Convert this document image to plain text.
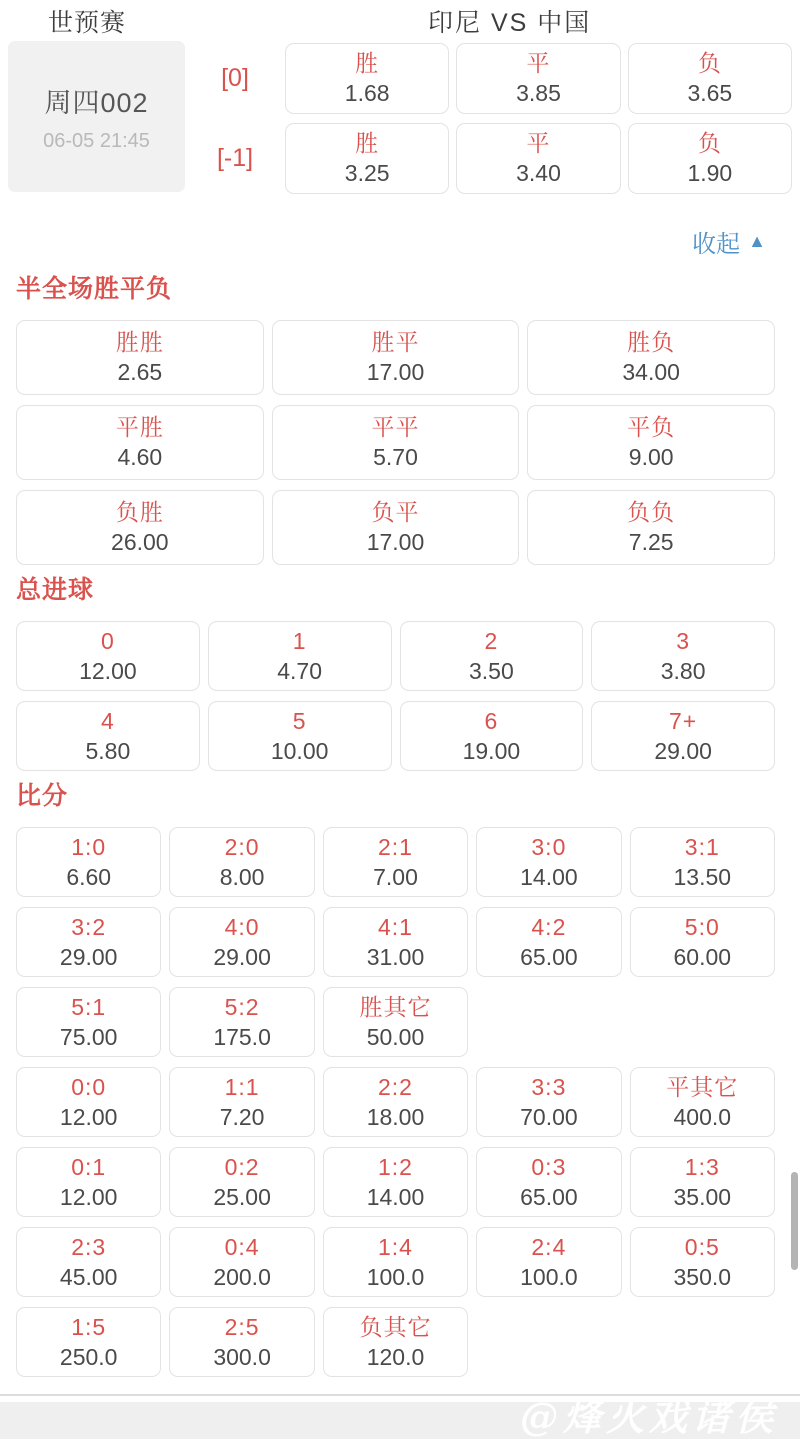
世预赛	印尼 VS 中国
周四002
06-05 21:45
[0]
胜
1.68
平
3.85
负
3.65
[-1]
胜
3.25
平
3.40
负
1.90
收起 ▲
半全场胜平负
胜胜
2.65
胜平
17.00
胜负
34.00
平胜
4.60
平平
5.70
平负
9.00
负胜
26.00
负平
17.00
负负
7.25
总进球
0
12.00
1
4.70
2
3.50
3
3.80
4
5.80
5
10.00
6
19.00
7+
29.00
比分
1:0
6.60
2:0
8.00
2:1
7.00
3:0
14.00
3:1
13.50
3:2
29.00
4:0
29.00
4:1
31.00
4:2
65.00
5:0
60.00
5:1
75.00
5:2
175.0
胜其它
50.00
0:0
12.00
1:1
7.20
2:2
18.00
3:3
70.00
平其它
400.0
0:1
12.00
0:2
25.00
1:2
14.00
0:3
65.00
1:3
35.00
2:3
45.00
0:4
200.0
1:4
100.0
2:4
100.0
0:5
350.0
1:5
250.0
2:5
300.0
负其它
120.0
@烽火戏诸侯
